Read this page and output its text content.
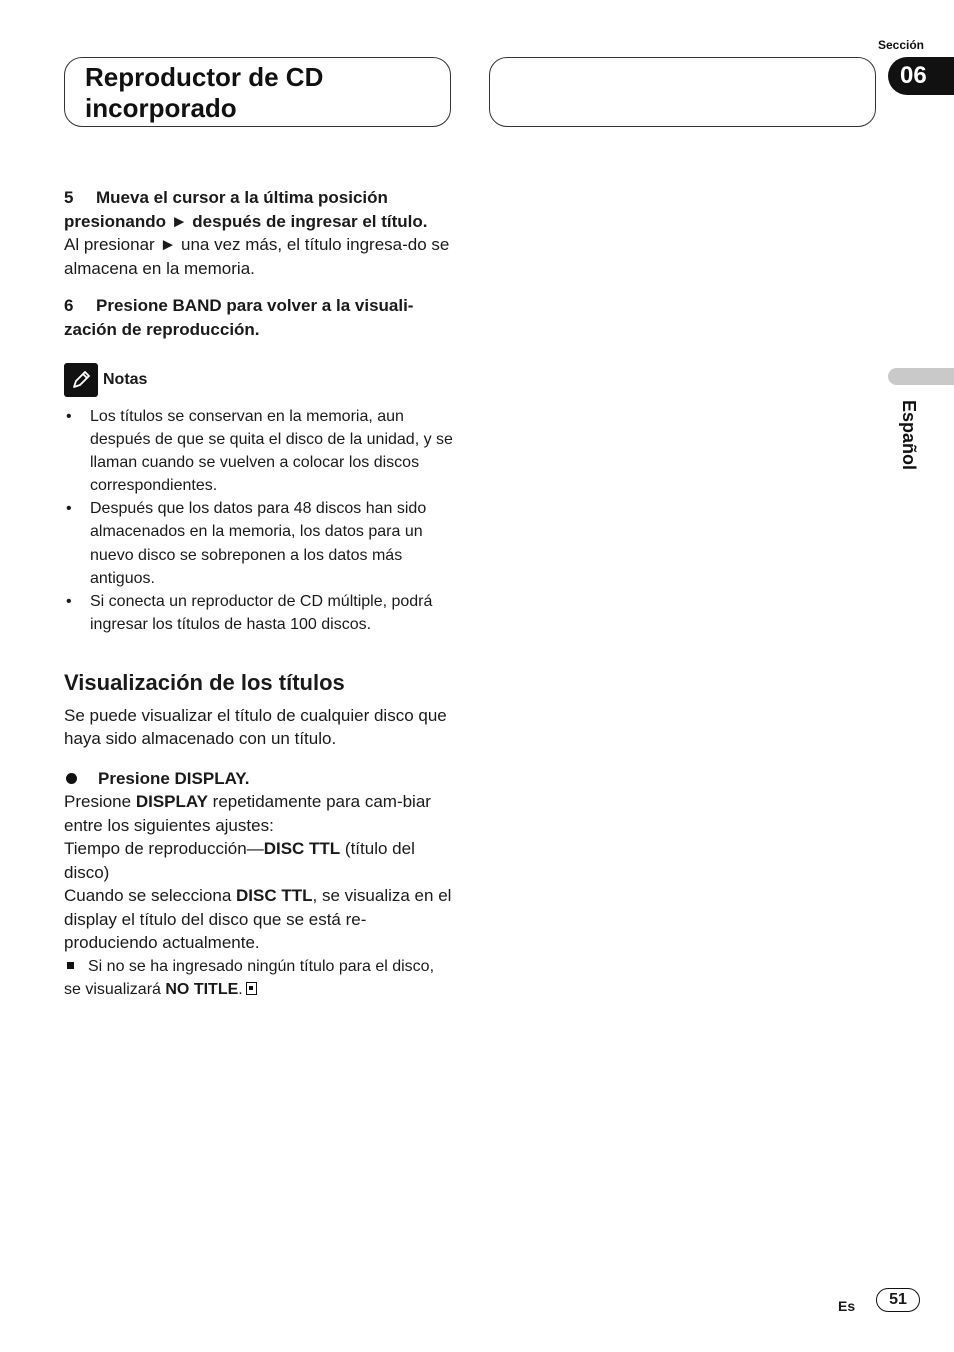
Reproductor de CD
incorporado
Sección
06
Español

5 Mueva el cursor a la última posición presionando ► después de ingresar el título.

Al presionar ► una vez más, el título ingresa-do se almacena en la memoria.

6 Presione BAND para volver a la visuali-zación de reproducción.

Notas
• Los títulos se conservan en la memoria, aun después de que se quita el disco de la unidad, y se llaman cuando se vuelven a colocar los discos correspondientes.
• Después que los datos para 48 discos han sido almacenados en la memoria, los datos para un nuevo disco se sobreponen a los datos más antiguos.
• Si conecta un reproductor de CD múltiple, podrá ingresar los títulos de hasta 100 discos.
Visualización de los títulos

Se puede visualizar el título de cualquier disco que haya sido almacenado con un título.

Presione DISPLAY.

Presione DISPLAY repetidamente para cam-biar entre los siguientes ajustes:

Tiempo de reproducción—DISC TTL (título del disco)

Cuando se selecciona DISC TTL, se visualiza en el display el título del disco que se está re-produciendo actualmente.

Si no se ha ingresado ningún título para el disco, se visualizará NO TITLE.

Es	51
